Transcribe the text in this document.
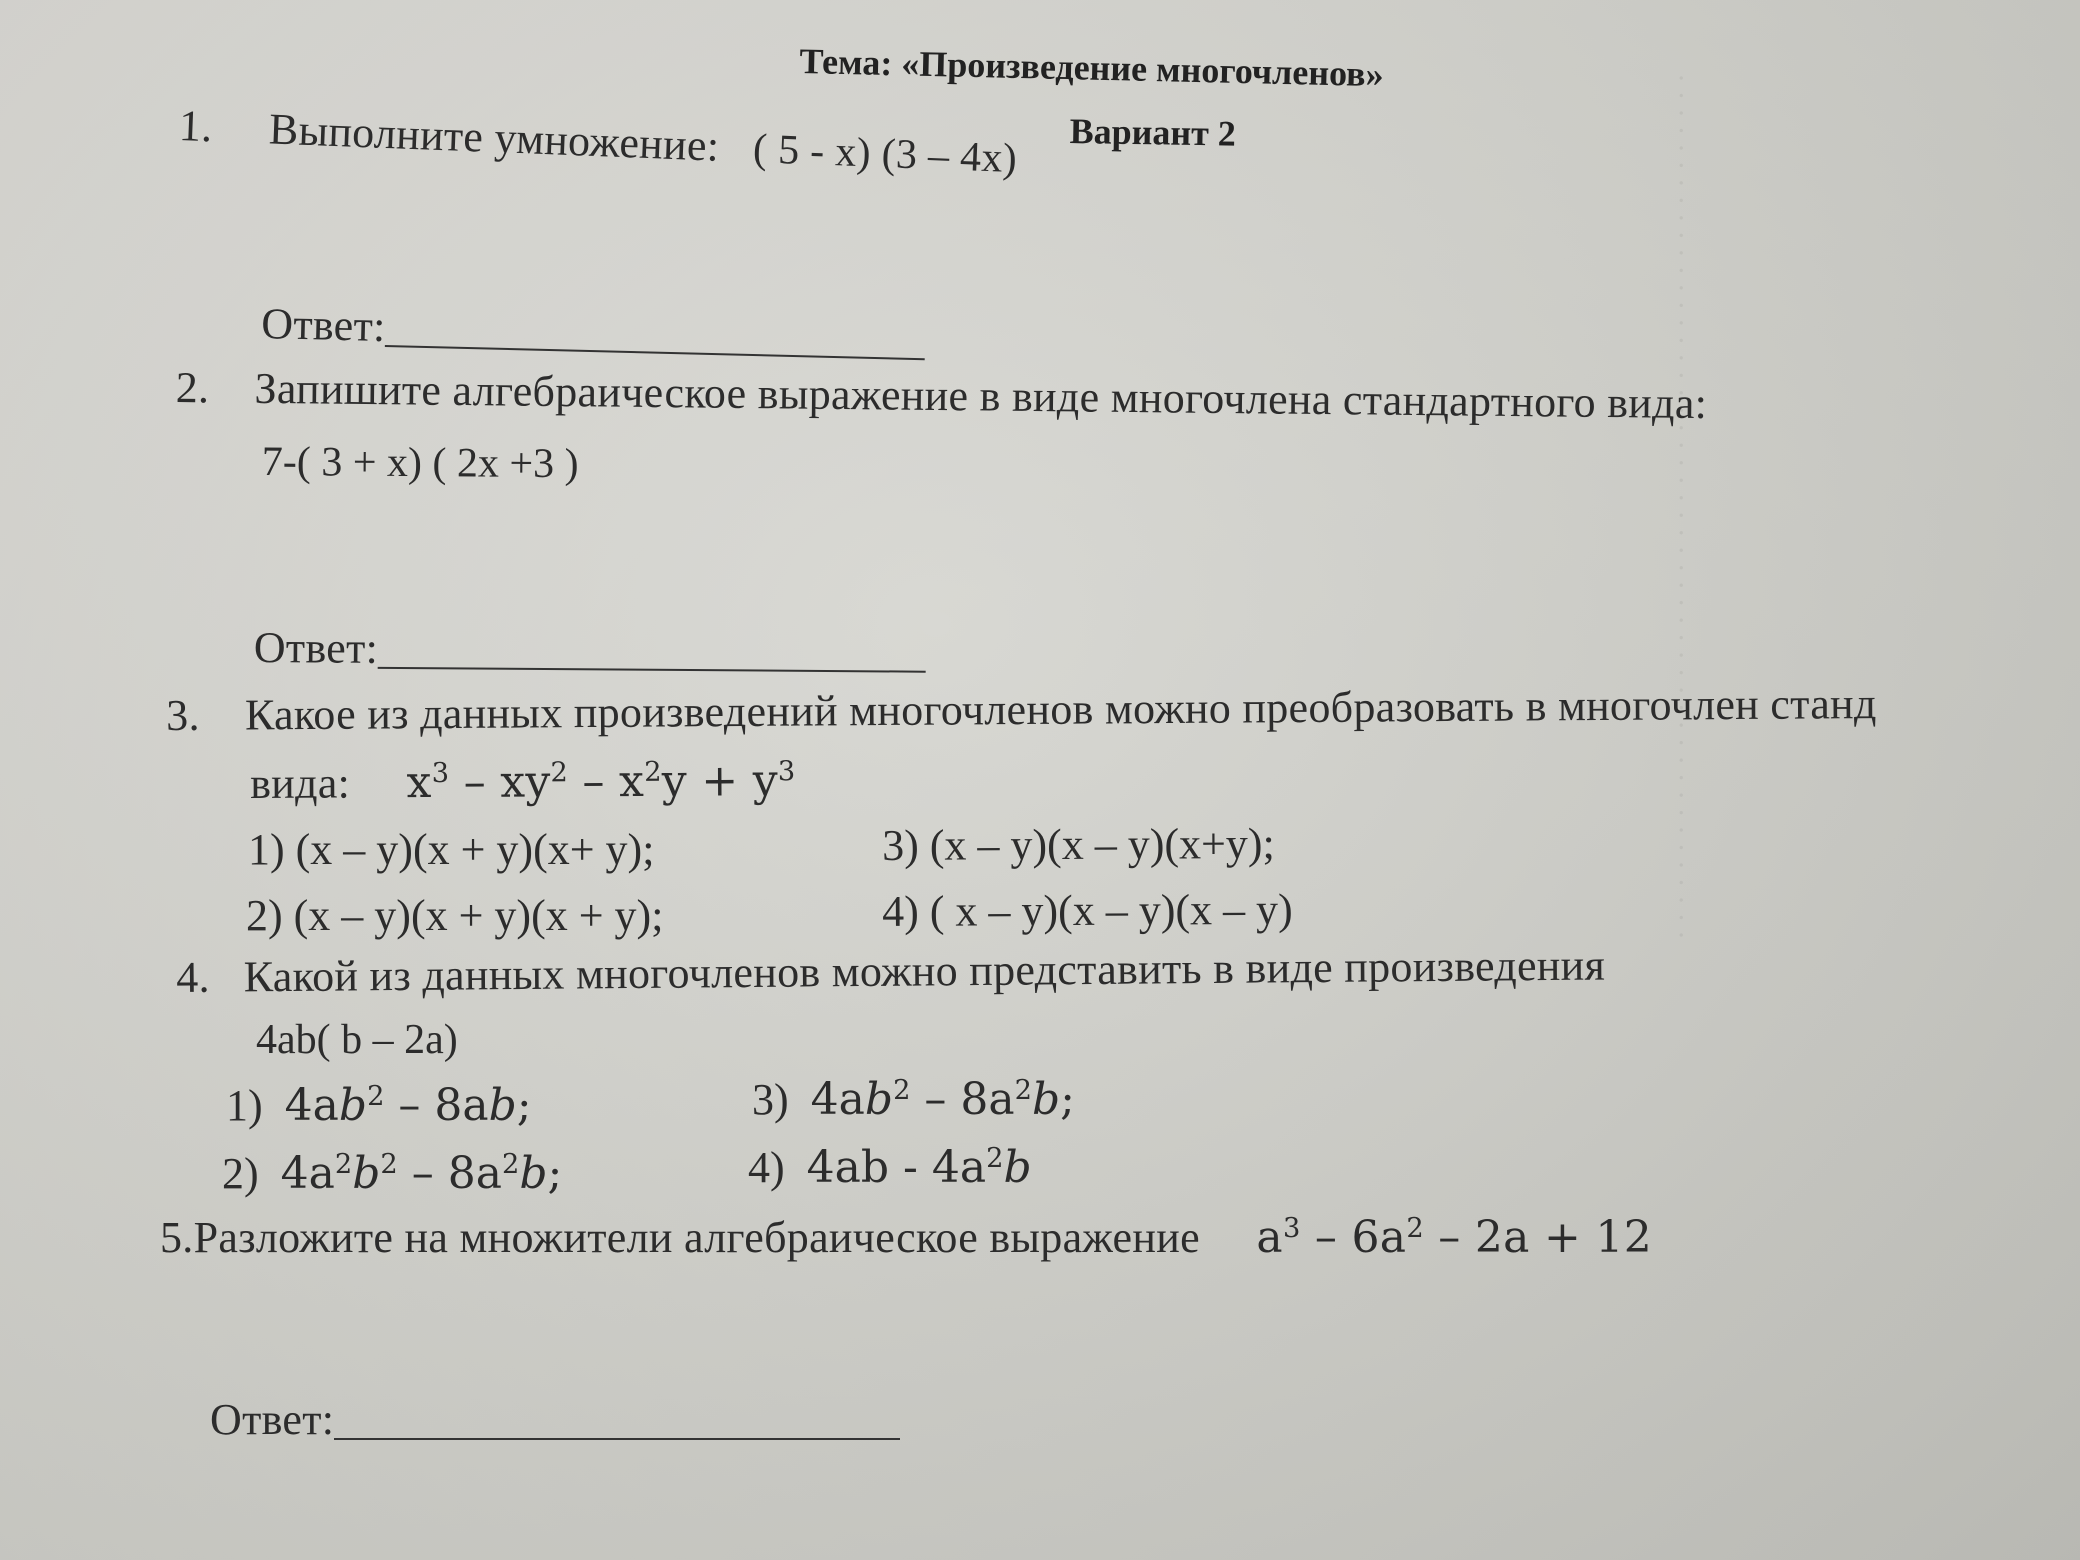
· · · · · · · · · · · · · · · · · · · · · · · · · · · · · · · · · · · · · · · · · · · · · · · · · ·
Тема: «Произведение многочленов»
Вариант 2
1. Выполните умножение: ( 5 - x) (3 – 4x)
Ответ:
2. Запишите алгебраическое выражение в виде многочлена стандартного вида:
7-( 3 + x) ( 2x +3 )
Ответ:
3. Какое из данных произведений многочленов можно преобразовать в многочлен станд
вида: $x^3 - xy^2 - x^2y + y^3$
1) (x – y)(x + y)(x+ y);
2) (x – y)(x + y)(x + y);
3) (x – y)(x – y)(x+y);
4) ( x – y)(x – y)(x – y)
4. Какой из данных многочленов можно представить в виде произведения
4ab( b – 2a)
1) $4ab^2 - 8ab$;
2) $4a^2b^2 - 8a^2b$;
3) $4ab^2 - 8a^2b$;
4) $4ab - 4a^2b$
5.Разложите на множители алгебраическое выражение $a^3 - 6a^2 - 2a + 12$
Ответ:
